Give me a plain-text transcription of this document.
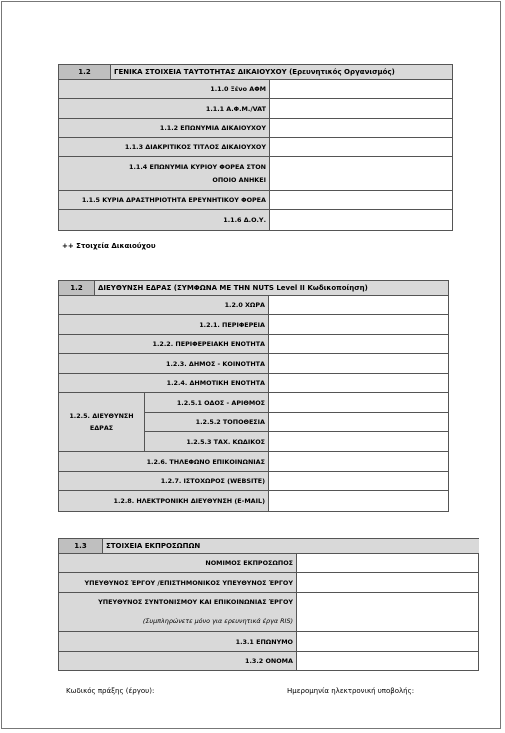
1.2	ΓΕΝΙΚΑ ΣΤΟΙΧΕΙΑ ΤΑΥΤΟΤΗΤΑΣ ΔΙΚΑΙΟΥΧΟΥ (Ερευνητικός Οργανισμός)	
1.1.0 Ξένο ΑΦΜ		
1.1.1 Α.Φ.Μ./VAT		
1.1.2 ΕΠΩΝΥΜΙΑ ΔΙΚΑΙΟΥΧΟΥ		
1.1.3 ΔΙΑΚΡΙΤΙΚΟΣ ΤΙΤΛΟΣ ΔΙΚΑΙΟΥΧΟΥ		
1.1.4 ΕΠΩΝΥΜΙΑ ΚΥΡΙΟΥ ΦΟΡΕΑ ΣΤΟΝ ΟΠΟΙΟ ΑΝΗΚΕΙ		
1.1.5 ΚΥΡΙΑ ΔΡΑΣΤΗΡΙΟΤΗΤΑ ΕΡΕΥΝΗΤΙΚΟΥ ΦΟΡΕΑ		
1.1.6 Δ.Ο.Υ.		
++ Στοιχεία Δικαιούχου
1.2	ΔΙΕΥΘΥΝΣΗ ΕΔΡΑΣ (ΣΥΜΦΩΝΑ ΜΕ ΤΗΝ NUTS Level II Κωδικοποίηση)		
1.2.0 ΧΩΡΑ			
1.2.1. ΠΕΡΙΦΕΡΕΙΑ			
1.2.2. ΠΕΡΙΦΕΡΕΙΑΚΗ ΕΝΟΤΗΤΑ			
1.2.3. ΔΗΜΟΣ - ΚΟΙΝΟΤΗΤΑ			
1.2.4. ΔΗΜΟΤΙΚΗ ΕΝΟΤΗΤΑ			
1.2.5. ΔΙΕΥΘΥΝΣΗ ΕΔΡΑΣ		1.2.5.1 ΟΔΟΣ - ΑΡΙΘΜΟΣ	
		1.2.5.2 ΤΟΠΟΘΕΣΙΑ	
		1.2.5.3 ΤΑΧ. ΚΩΔΙΚΟΣ	
1.2.6. ΤΗΛΕΦΩΝΟ ΕΠΙΚΟΙΝΩΝΙΑΣ			
1.2.7. ΙΣΤΟΧΩΡΟΣ (WEBSITE)			
1.2.8. ΗΛΕΚΤΡΟΝΙΚΗ ΔΙΕΥΘΥΝΣΗ (E-MAIL)			
1.3	ΣΤΟΙΧΕΙΑ ΕΚΠΡΟΣΩΠΩΝ	
ΝΟΜΙΜΟΣ ΕΚΠΡΟΣΩΠΟΣ		
ΥΠΕΥΘΥΝΟΣ ΈΡΓΟΥ /ΕΠΙΣΤΗΜΟΝΙΚΟΣ ΥΠΕΥΘΥΝΟΣ ΈΡΓΟΥ		

ΥΠΕΥΘΥΝΟΣ ΣΥΝΤΟΝΙΣΜΟΥ ΚΑΙ ΕΠΙΚΟΙΝΩΝΙΑΣ ΈΡΓΟΥ
(Συμπληρώνετε μόνο για ερευνητικά έργα RIS)		

1.3.1 ΕΠΩΝΥΜΟ		
1.3.2 ΟΝΟΜΑ		
Κωδικός πράξης (έργου):	Ημερομηνία ηλεκτρονική υποβολής:
